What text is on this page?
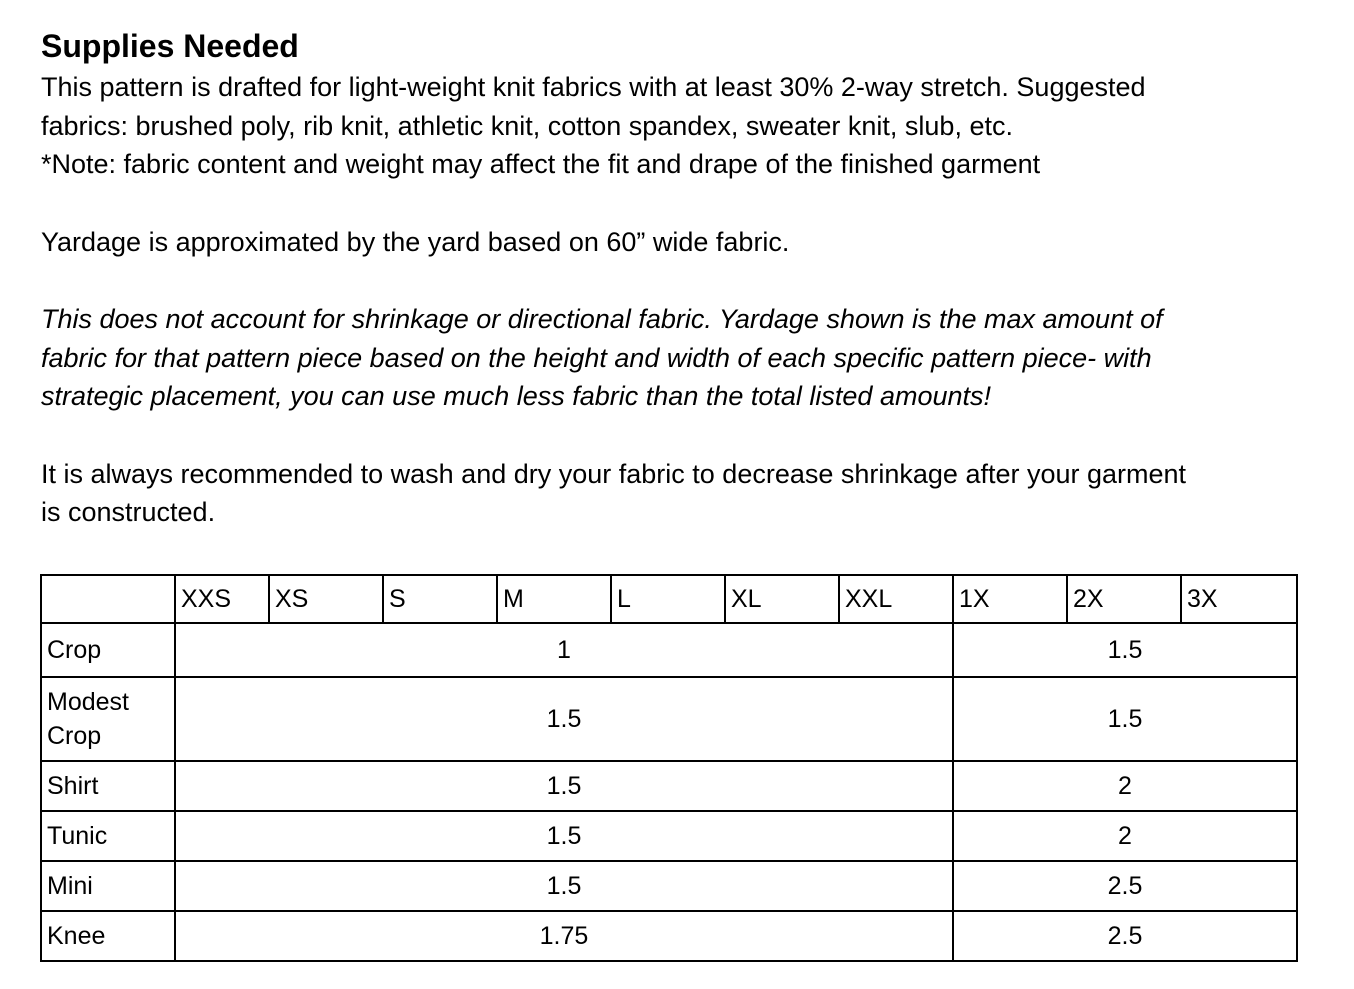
Supplies Needed

This pattern is drafted for light-weight knit fabrics with at least 30% 2-way stretch. Suggested

fabrics: brushed poly, rib knit, athletic knit, cotton spandex, sweater knit, slub, etc.

*Note: fabric content and weight may affect the fit and drape of the finished garment

Yardage is approximated by the yard based on 60” wide fabric.

This does not account for shrinkage or directional fabric. Yardage shown is the max amount of

fabric for that pattern piece based on the height and width of each specific pattern piece- with

strategic placement, you can use much less fabric than the total listed amounts!

It is always recommended to wash and dry your fabric to decrease shrinkage after your garment

is constructed.

	XXS	XS	S	M	L	XL	XXL	1X	2X	3X

Crop	1							1.5		

Modest
Crop	1.5							1.5		

Shirt	1.5							2		

Tunic	1.5							2		

Mini	1.5							2.5		

Knee	1.75							2.5		
